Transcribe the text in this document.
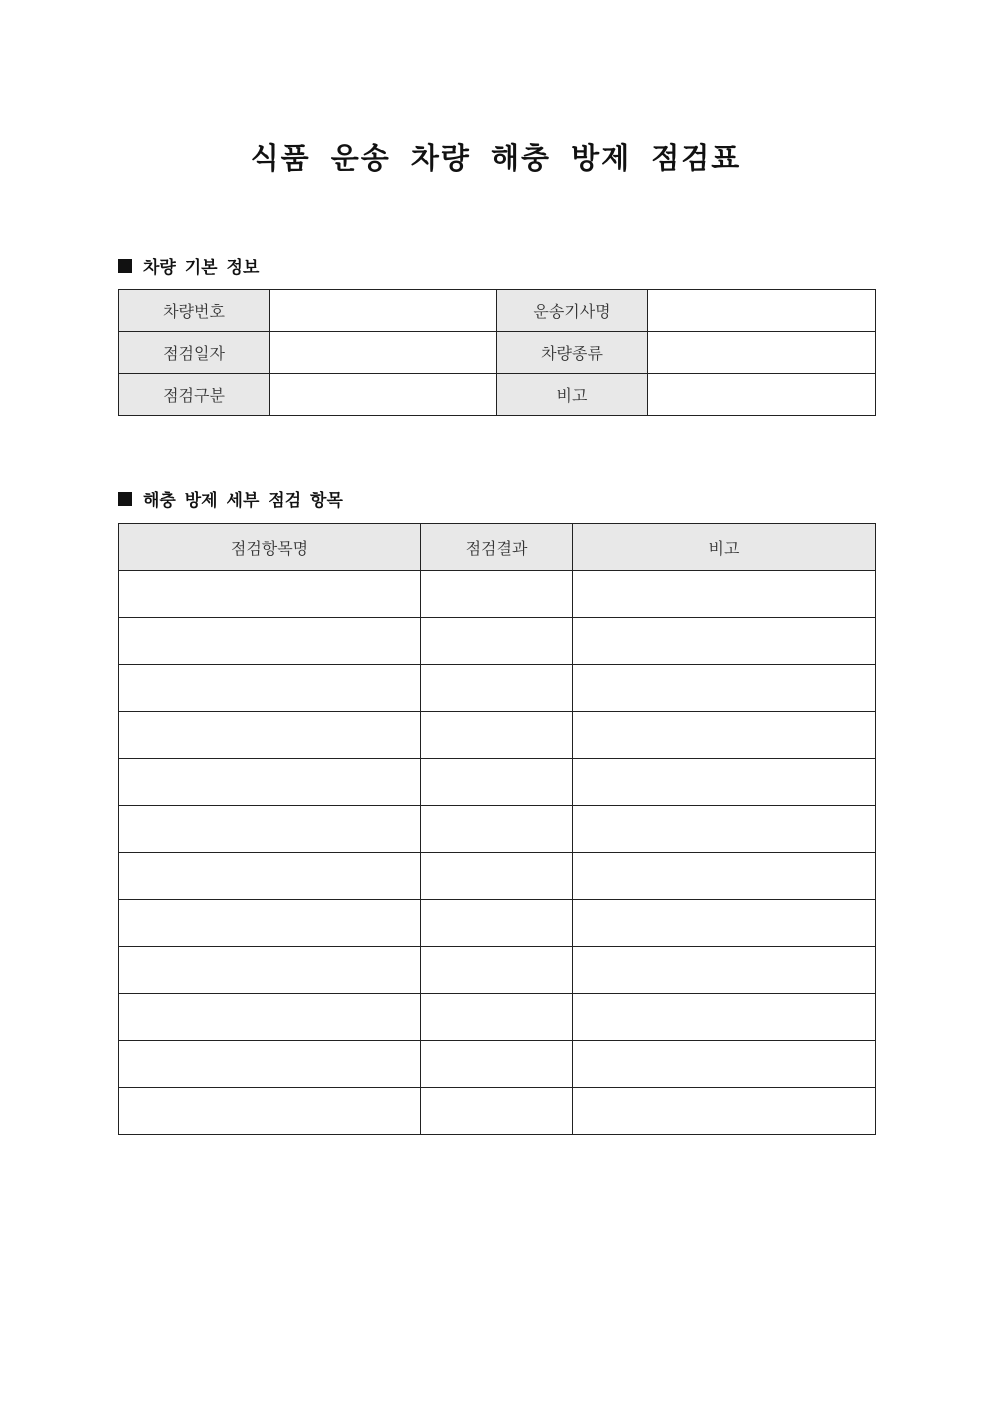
식품 운송 차량 해충 방제 점검표
차량 기본 정보
차량번호		운송기사명	
점검일자		차량종류	
점검구분		비고	
해충 방제 세부 점검 항목
점검항목명	점검결과	비고
